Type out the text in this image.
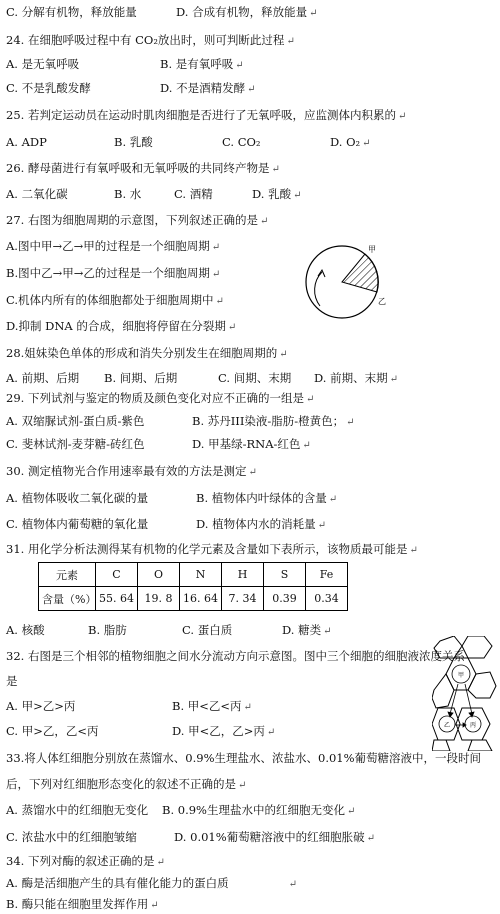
C. 分解有机物，释放能量	D. 合成有机物，释放能量 ↵
24. 在细胞呼吸过程中有 CO₂放出时，则可判断此过程 ↵
A. 是无氧呼吸	B. 是有氧呼吸 ↵
C. 不是乳酸发酵	D. 不是酒精发酵 ↵
25. 若判定运动员在运动时肌肉细胞是否进行了无氧呼吸，应监测体内积累的 ↵
A. ADP	B. 乳酸	C. CO₂	D. O₂ ↵
26. 酵母菌进行有氧呼吸和无氧呼吸的共同终产物是 ↵
A. 二氧化碳	B. 水	C. 酒精	D. 乳酸 ↵
27. 右图为细胞周期的示意图，下列叙述正确的是 ↵
A.图中甲→乙→甲的过程是一个细胞周期 ↵
B.图中乙→甲→乙的过程是一个细胞周期 ↵
C.机体内所有的体细胞都处于细胞周期中 ↵
D.抑制 DNA 的合成，细胞将停留在分裂期 ↵
甲
乙
28.姐妹染色单体的形成和消失分别发生在细胞周期的 ↵
A. 前期、后期 B. 间期、后期	C. 间期、末期 D. 前期、末期 ↵
29. 下列试剂与鉴定的物质及颜色变化对应不正确的一组是 ↵
A. 双缩脲试剂-蛋白质-紫色	B. 苏丹III染液-脂肪-橙黄色； ↵
C. 斐林试剂-麦芽糖-砖红色	D. 甲基绿-RNA-红色 ↵
30. 测定植物光合作用速率最有效的方法是测定 ↵
A. 植物体吸收二氧化碳的量	B. 植物体内叶绿体的含量 ↵
C. 植物体内葡萄糖的氧化量	D. 植物体内水的消耗量 ↵
31. 用化学分析法测得某有机物的化学元素及含量如下表所示，该物质最可能是 ↵
元素	C	O	N	H	S	Fe
含量（%）	55. 64	19. 8	16. 64	7. 34	0.39	0.34
A. 核酸	B. 脂肪	C. 蛋白质	D. 糖类 ↵
32. 右图是三个相邻的植物细胞之间水分流动方向示意图。图中三个细胞的细胞液浓度关系
是
A. 甲>乙>丙	B. 甲<乙<丙 ↵
C. 甲>乙，乙<丙	D. 甲<乙，乙>丙 ↵
甲
乙	丙
33.将人体红细胞分别放在蒸馏水、0.9%生理盐水、浓盐水、0.01%葡萄糖溶液中，一段时间
后，下列对红细胞形态变化的叙述不正确的是 ↵
A. 蒸馏水中的红细胞无变化 B. 0.9%生理盐水中的红细胞无变化 ↵
C. 浓盐水中的红细胞皱缩	D. 0.01%葡萄糖溶液中的红细胞胀破 ↵
34. 下列对酶的叙述正确的是 ↵
A. 酶是活细胞产生的具有催化能力的蛋白质	↵
B. 酶只能在细胞里发挥作用 ↵
